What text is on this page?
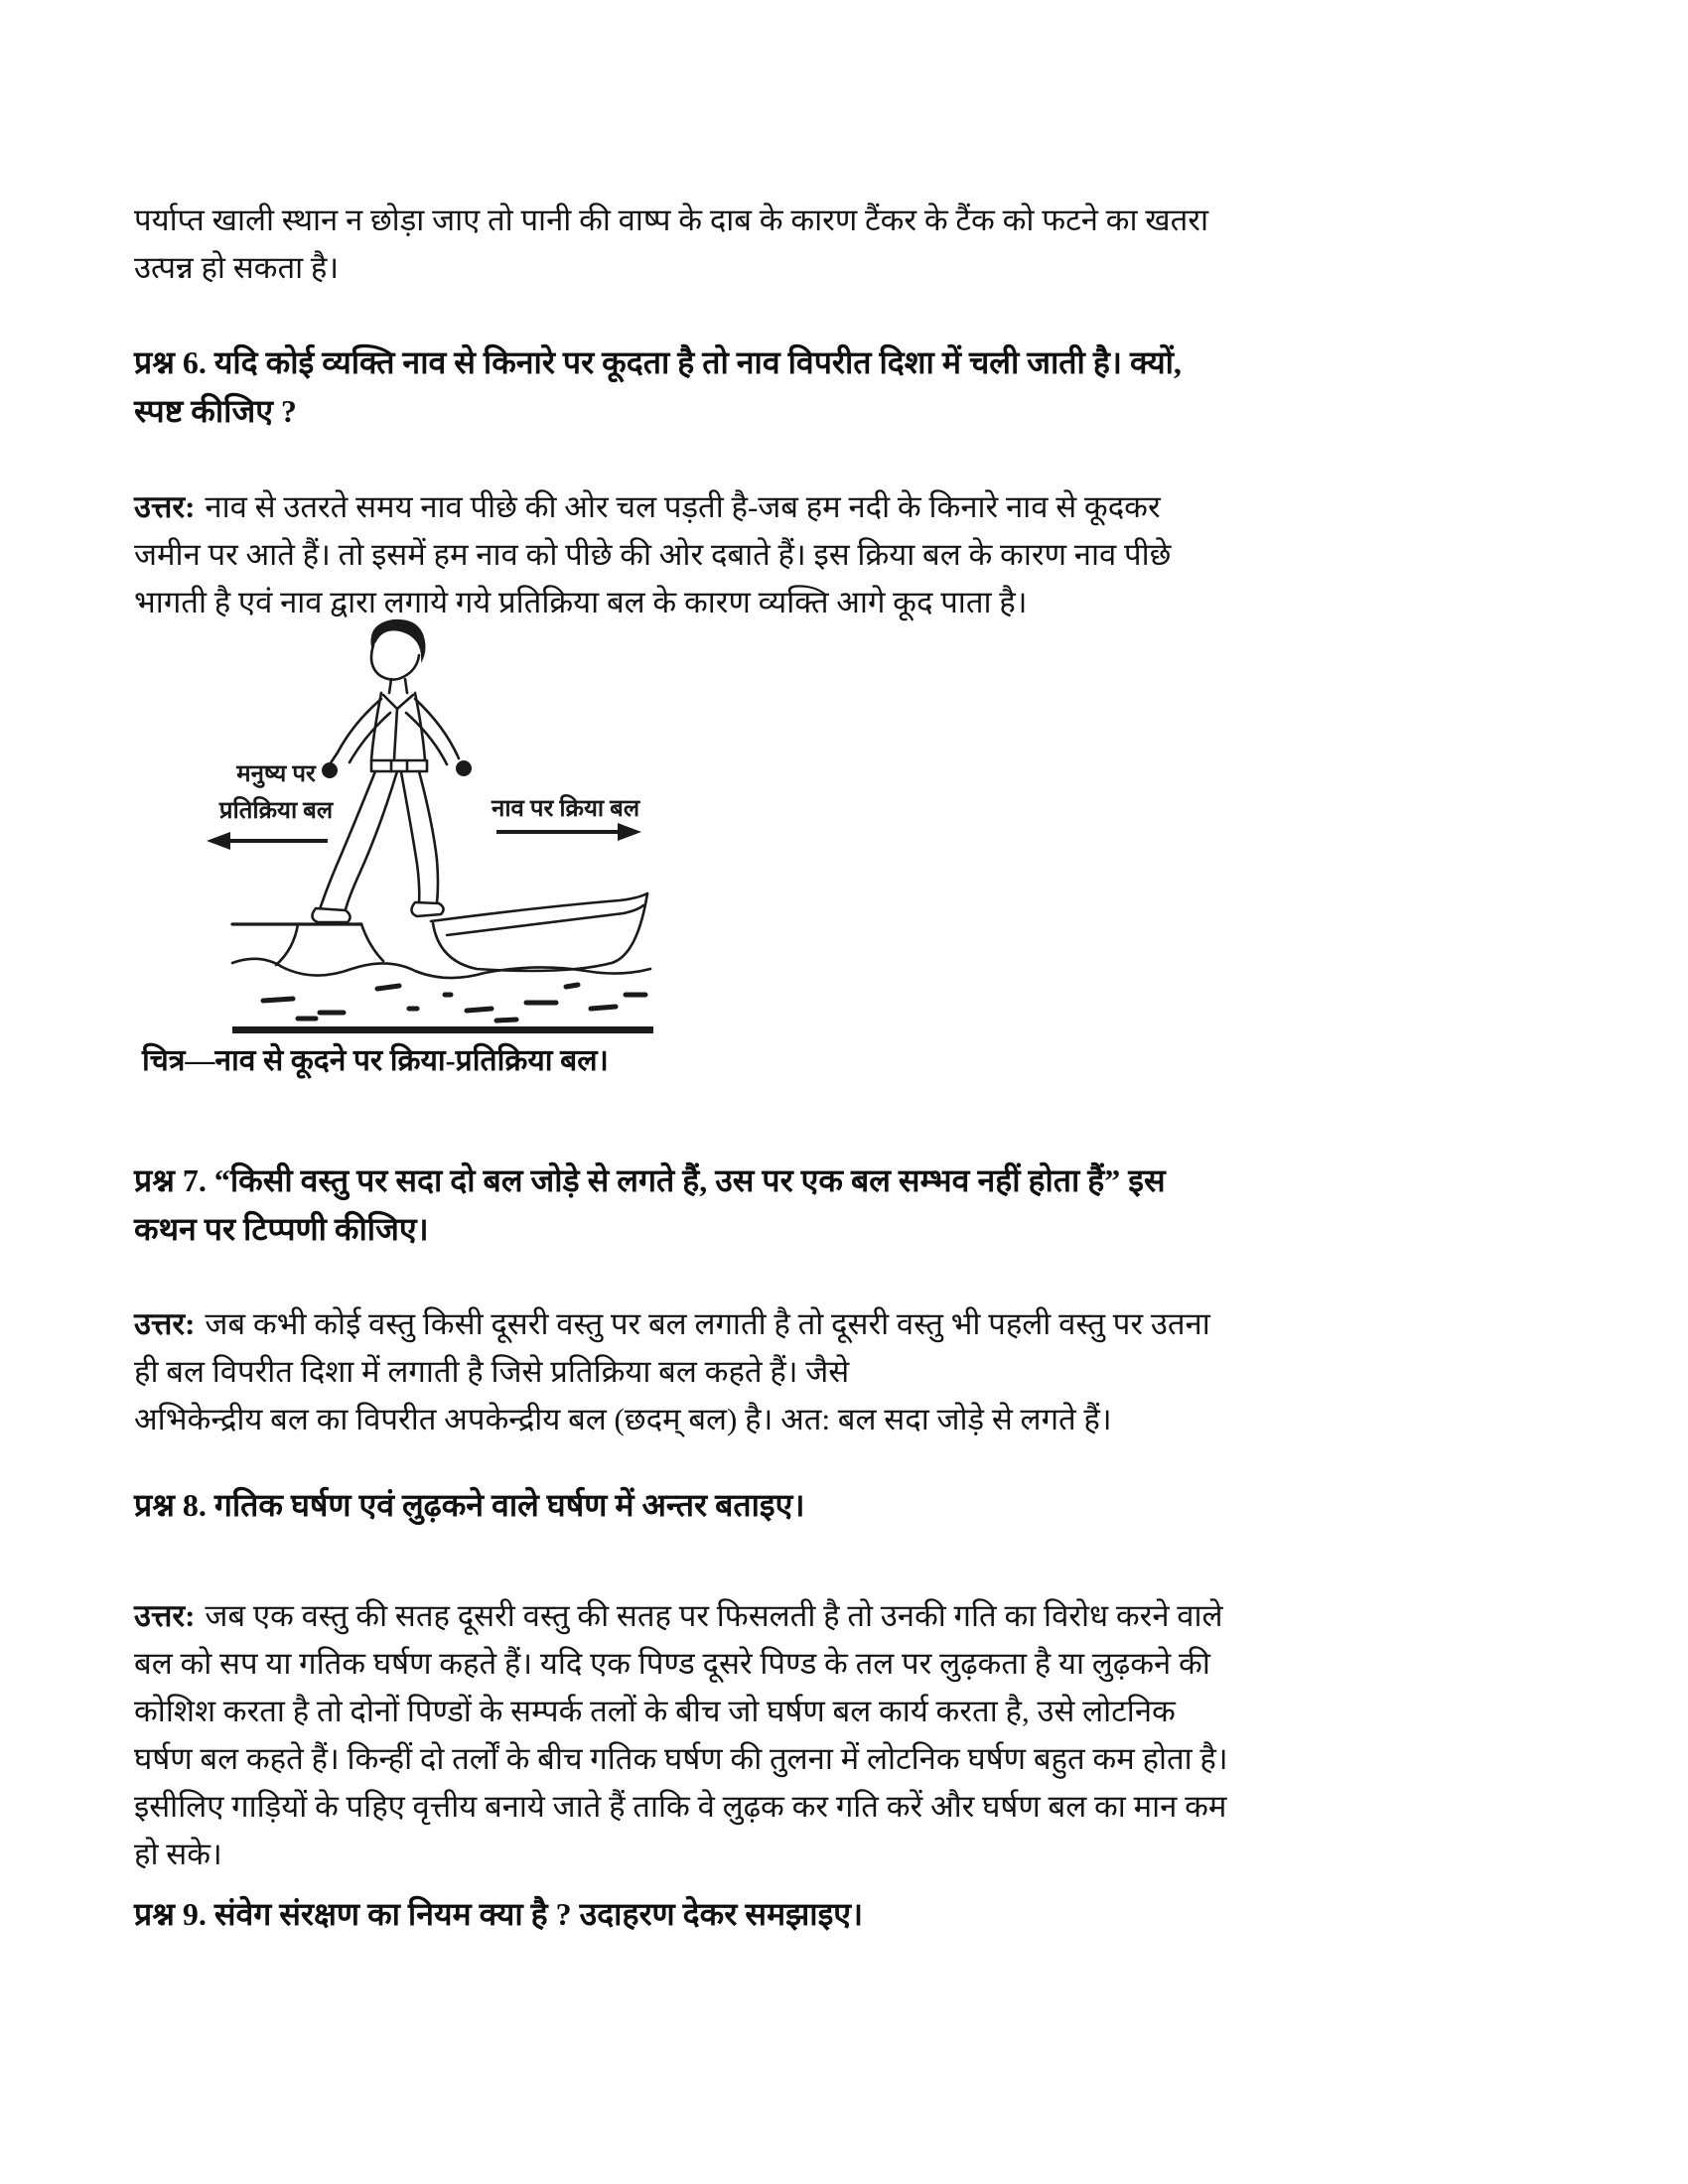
पर्याप्त खाली स्थान न छोड़ा जाए तो पानी की वाष्प के दाब के कारण टैंकर के टैंक को फटने का खतरा
उत्पन्न हो सकता है।
प्रश्न 6. यदि कोई व्यक्ति नाव से किनारे पर कूदता है तो नाव विपरीत दिशा में चली जाती है। क्यों,
स्पष्ट कीजिए ?
उत्तर: नाव से उतरते समय नाव पीछे की ओर चल पड़ती है-जब हम नदी के किनारे नाव से कूदकर
जमीन पर आते हैं। तो इसमें हम नाव को पीछे की ओर दबाते हैं। इस क्रिया बल के कारण नाव पीछे
भागती है एवं नाव द्वारा लगाये गये प्रतिक्रिया बल के कारण व्यक्ति आगे कूद पाता है।
मनुष्य पर
प्रतिक्रिया बल	नाव पर क्रिया बल
चित्र—नाव से कूदने पर क्रिया-प्रतिक्रिया बल।
प्रश्न 7. “किसी वस्तु पर सदा दो बल जोड़े से लगते हैं, उस पर एक बल सम्भव नहीं होता हैं” इस
कथन पर टिप्पणी कीजिए।
उत्तर: जब कभी कोई वस्तु किसी दूसरी वस्तु पर बल लगाती है तो दूसरी वस्तु भी पहली वस्तु पर उतना
ही बल विपरीत दिशा में लगाती है जिसे प्रतिक्रिया बल कहते हैं। जैसे
अभिकेन्द्रीय बल का विपरीत अपकेन्द्रीय बल (छदम् बल) है। अत: बल सदा जोड़े से लगते हैं।
प्रश्न 8. गतिक घर्षण एवं लुढ़कने वाले घर्षण में अन्तर बताइए।
उत्तर: जब एक वस्तु की सतह दूसरी वस्तु की सतह पर फिसलती है तो उनकी गति का विरोध करने वाले
बल को सप या गतिक घर्षण कहते हैं। यदि एक पिण्ड दूसरे पिण्ड के तल पर लुढ़कता है या लुढ़कने की
कोशिश करता है तो दोनों पिण्डों के सम्पर्क तलों के बीच जो घर्षण बल कार्य करता है, उसे लोटनिक
घर्षण बल कहते हैं। किन्हीं दो तर्लों के बीच गतिक घर्षण की तुलना में लोटनिक घर्षण बहुत कम होता है।
इसीलिए गाड़ियों के पहिए वृत्तीय बनाये जाते हैं ताकि वे लुढ़क कर गति करें और घर्षण बल का मान कम
हो सके।
प्रश्न 9. संवेग संरक्षण का नियम क्या है ? उदाहरण देकर समझाइए।
